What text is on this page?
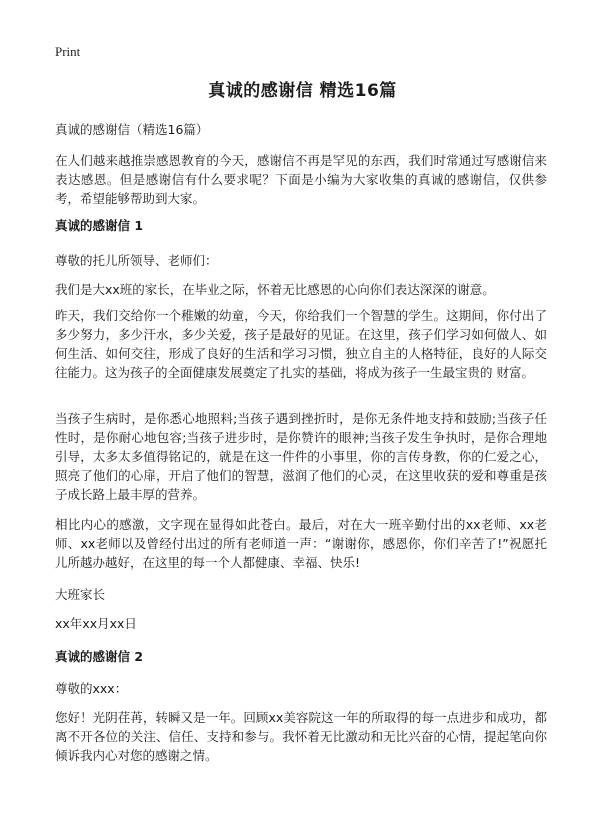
Print
真诚的感谢信 精选16篇
真诚的感谢信（精选16篇）
在人们越来越推崇感恩教育的今天，感谢信不再是罕见的东西，我们时常通过写感谢信来表达感恩。但是感谢信有什么要求呢？下面是小编为大家收集的真诚的感谢信，仅供参考，希望能够帮助到大家。
真诚的感谢信 1
尊敬的托儿所领导、老师们：
我们是大xx班的家长，在毕业之际，怀着无比感恩的心向你们表达深深的谢意。
昨天，我们交给你一个稚嫩的幼童，今天，你给我们一个智慧的学生。这期间，你付出了多少努力，多少汗水，多少关爱，孩子是最好的见证。在这里，孩子们学习如何做人、如何生活、如何交往，形成了良好的生活和学习习惯，独立自主的人格特征，良好的人际交往能力。这为孩子的全面健康发展奠定了扎实的基础，将成为孩子一生最宝贵的 财富。
当孩子生病时，是你悉心地照料;当孩子遇到挫折时，是你无条件地支持和鼓励;当孩子任性时，是你耐心地包容;当孩子进步时，是你赞许的眼神;当孩子发生争执时，是你合理地引导，太多太多值得铭记的，就是在这一件件的小事里，你的言传身教，你的仁爱之心，照亮了他们的心扉，开启了他们的智慧，滋润了他们的心灵，在这里收获的爱和尊重是孩子成长路上最丰厚的营养。
相比内心的感激，文字现在显得如此苍白。最后，对在大一班辛勤付出的xx老师、xx老师、xx老师以及曾经付出过的所有老师道一声：“谢谢你，感恩你，你们辛苦了!”祝愿托儿所越办越好，在这里的每一个人都健康、幸福、快乐!
大班家长
xx年xx月xx日
真诚的感谢信 2
尊敬的xxx：
您好！光阴荏苒，转瞬又是一年。回顾xx美容院这一年的所取得的每一点进步和成功，都离不开各位的关注、信任、支持和参与。我怀着无比激动和无比兴奋的心情，提起笔向你倾诉我内心对您的感谢之情。
